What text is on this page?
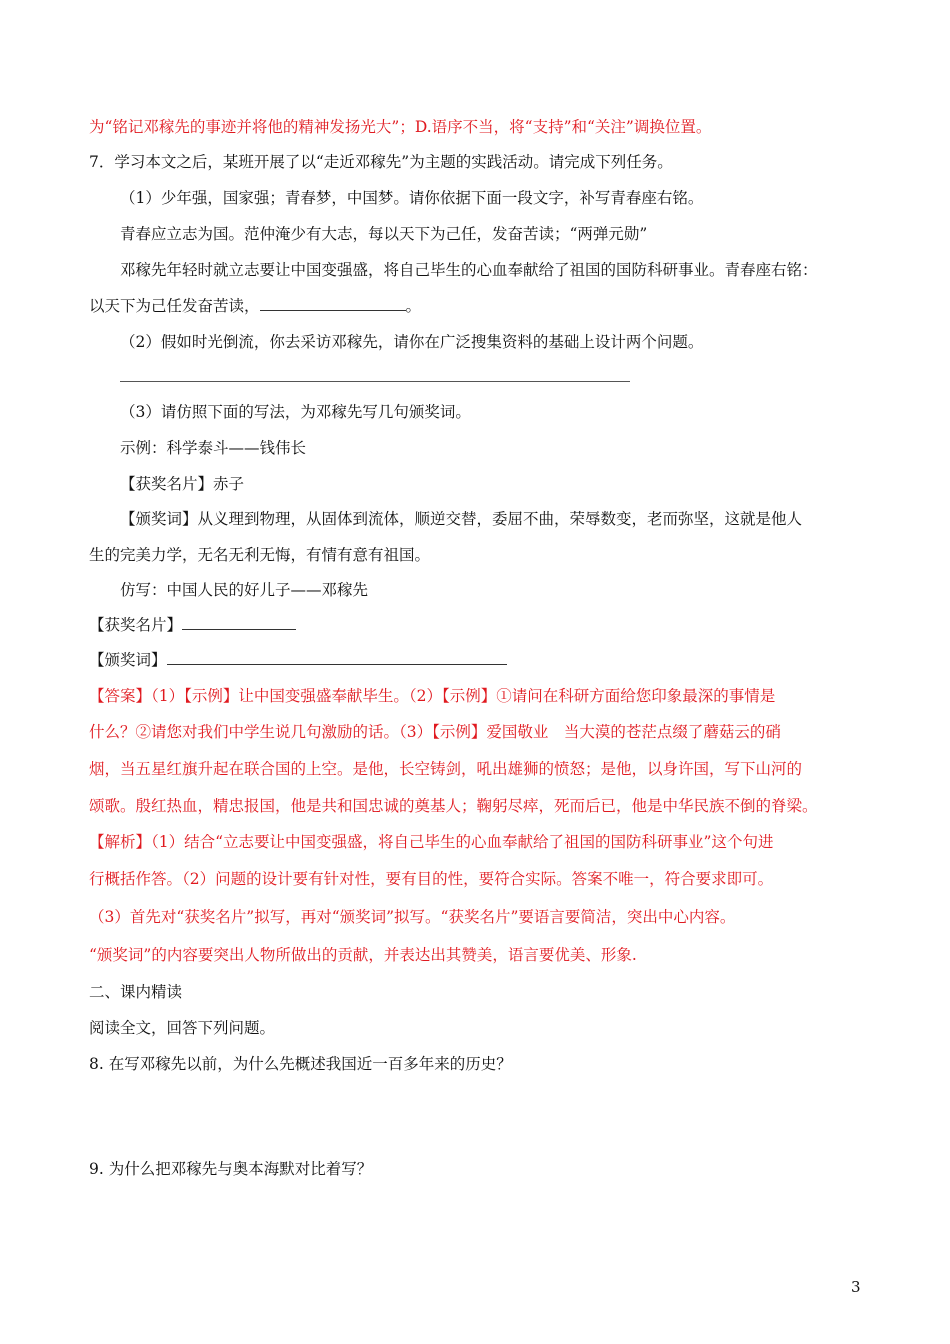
为“铭记邓稼先的事迹并将他的精神发扬光大”；D.语序不当，将“支持”和“关注”调换位置。
7．学习本文之后，某班开展了以“走近邓稼先”为主题的实践活动。请完成下列任务。
（1）少年强，国家强；青春梦，中国梦。请你依据下面一段文字，补写青春座右铭。
青春应立志为国。范仲淹少有大志，每以天下为己任，发奋苦读；“两弹元勋”
邓稼先年轻时就立志要让中国变强盛，将自己毕生的心血奉献给了祖国的国防科研事业。青春座右铭：
以天下为己任发奋苦读，	。
（2）假如时光倒流，你去采访邓稼先，请你在广泛搜集资料的基础上设计两个问题。
（3）请仿照下面的写法，为邓稼先写几句颁奖词。
示例：科学泰斗——钱伟长
【获奖名片】赤子
【颁奖词】从义理到物理，从固体到流体，顺逆交替，委屈不曲，荣辱数变，老而弥坚，这就是他人
生的完美力学，无名无利无悔，有情有意有祖国。
仿写：中国人民的好儿子——邓稼先
【获奖名片】
【颁奖词】
【答案】（1）【示例】让中国变强盛奉献毕生。（2）【示例】①请问在科研方面给您印象最深的事情是
什么？②请您对我们中学生说几句激励的话。（3）【示例】爱国敬业　当大漠的苍茫点缀了蘑菇云的硝
烟，当五星红旗升起在联合国的上空。是他，长空铸剑，吼出雄狮的愤怒；是他，以身许国，写下山河的
颂歌。殷红热血，精忠报国，他是共和国忠诚的奠基人；鞠躬尽瘁，死而后已，他是中华民族不倒的脊梁。
【解析】（1）结合“立志要让中国变强盛，将自己毕生的心血奉献给了祖国的国防科研事业”这个句进
行概括作答。（2）问题的设计要有针对性，要有目的性，要符合实际。答案不唯一，符合要求即可。
（3）首先对“获奖名片”拟写，再对“颁奖词”拟写。“获奖名片”要语言要简洁，突出中心内容。
“颁奖词”的内容要突出人物所做出的贡献，并表达出其赞美，语言要优美、形象.
二、课内精读
阅读全文，回答下列问题。
8. 在写邓稼先以前，为什么先概述我国近一百多年来的历史？
9. 为什么把邓稼先与奥本海默对比着写？
3
